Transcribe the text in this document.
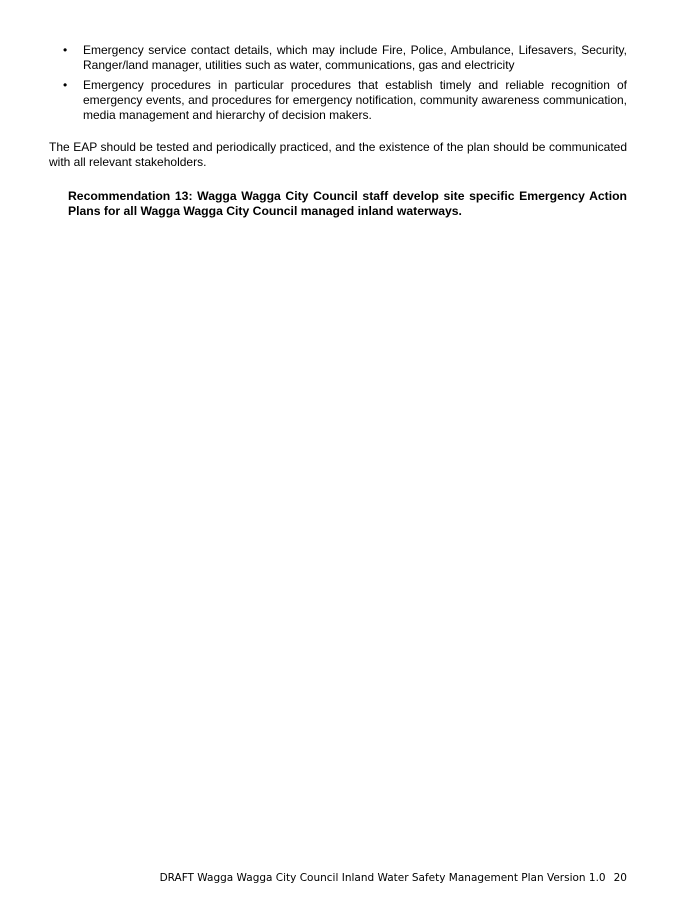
• Emergency service contact details, which may include Fire, Police, Ambulance, Lifesavers, Security, Ranger/land manager, utilities such as water, communications, gas and electricity
• Emergency procedures in particular procedures that establish timely and reliable recognition of emergency events, and procedures for emergency notification, community awareness communication, media management and hierarchy of decision makers.

The EAP should be tested and periodically practiced, and the existence of the plan should be communicated with all relevant stakeholders.

Recommendation 13: Wagga Wagga City Council staff develop site specific Emergency Action Plans for all Wagga Wagga City Council managed inland waterways.

DRAFT Wagga Wagga City Council Inland Water Safety Management Plan Version 1.0 20
